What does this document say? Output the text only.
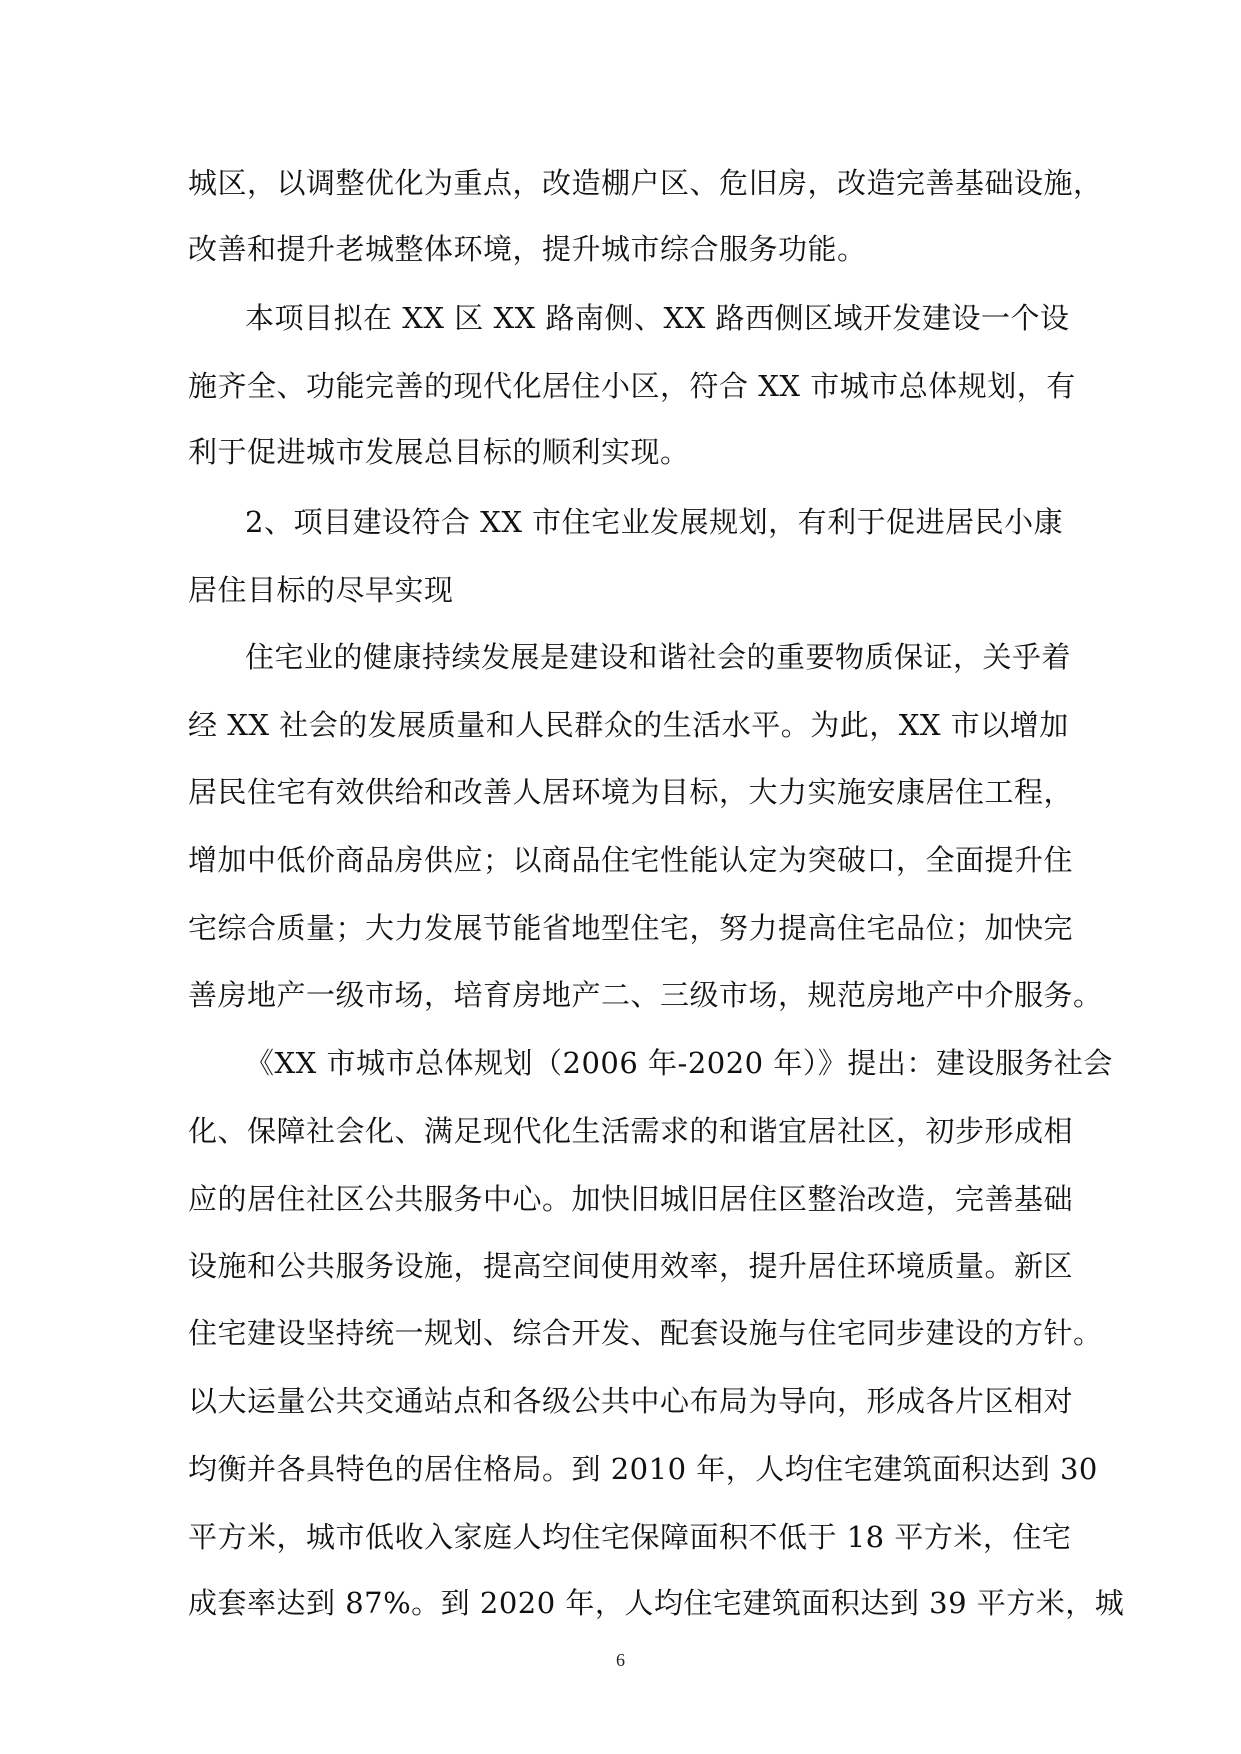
城区，以调整优化为重点，改造棚户区、危旧房，改造完善基础设施，
改善和提升老城整体环境，提升城市综合服务功能。
本项目拟在 XX 区 XX 路南侧、XX 路西侧区域开发建设一个设
施齐全、功能完善的现代化居住小区，符合 XX 市城市总体规划，有
利于促进城市发展总目标的顺利实现。
2、项目建设符合 XX 市住宅业发展规划，有利于促进居民小康
居住目标的尽早实现
住宅业的健康持续发展是建设和谐社会的重要物质保证，关乎着
经 XX 社会的发展质量和人民群众的生活水平。为此，XX 市以增加
居民住宅有效供给和改善人居环境为目标，大力实施安康居住工程，
增加中低价商品房供应；以商品住宅性能认定为突破口，全面提升住
宅综合质量；大力发展节能省地型住宅，努力提高住宅品位；加快完
善房地产一级市场，培育房地产二、三级市场，规范房地产中介服务。
《XX 市城市总体规划（2006 年-2020 年）》提出：建设服务社会
化、保障社会化、满足现代化生活需求的和谐宜居社区，初步形成相
应的居住社区公共服务中心。加快旧城旧居住区整治改造，完善基础
设施和公共服务设施，提高空间使用效率，提升居住环境质量。新区
住宅建设坚持统一规划、综合开发、配套设施与住宅同步建设的方针。
以大运量公共交通站点和各级公共中心布局为导向，形成各片区相对
均衡并各具特色的居住格局。到 2010 年，人均住宅建筑面积达到 30
平方米，城市低收入家庭人均住宅保障面积不低于 18 平方米，住宅
成套率达到 87%。到 2020 年，人均住宅建筑面积达到 39 平方米，城
6
